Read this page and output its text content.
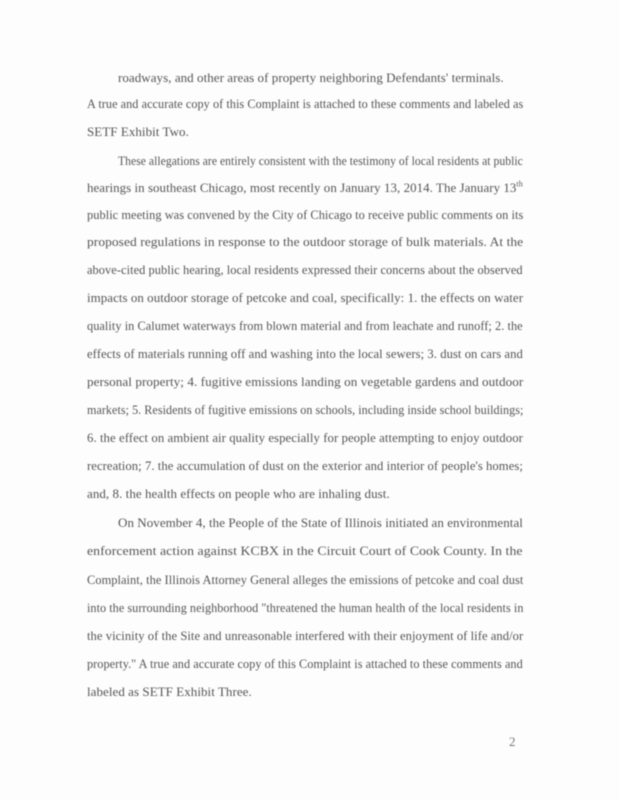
roadways, and other areas of property neighboring Defendants' terminals.
A true and accurate copy of this Complaint is attached to these comments and labeled as
SETF Exhibit Two.
These allegations are entirely consistent with the testimony of local residents at public
hearings in southeast Chicago, most recently on January 13, 2014. The January 13th
public meeting was convened by the City of Chicago to receive public comments on its
proposed regulations in response to the outdoor storage of bulk materials. At the
above-cited public hearing, local residents expressed their concerns about the observed
impacts on outdoor storage of petcoke and coal, specifically: 1. the effects on water
quality in Calumet waterways from blown material and from leachate and runoff; 2. the
effects of materials running off and washing into the local sewers; 3. dust on cars and
personal property; 4. fugitive emissions landing on vegetable gardens and outdoor
markets; 5. Residents of fugitive emissions on schools, including inside school buildings;
6. the effect on ambient air quality especially for people attempting to enjoy outdoor
recreation; 7. the accumulation of dust on the exterior and interior of people's homes;
and, 8. the health effects on people who are inhaling dust.
On November 4, the People of the State of Illinois initiated an environmental
enforcement action against KCBX in the Circuit Court of Cook County. In the
Complaint, the Illinois Attorney General alleges the emissions of petcoke and coal dust
into the surrounding neighborhood "threatened the human health of the local residents in
the vicinity of the Site and unreasonable interfered with their enjoyment of life and/or
property." A true and accurate copy of this Complaint is attached to these comments and
labeled as SETF Exhibit Three.
2
